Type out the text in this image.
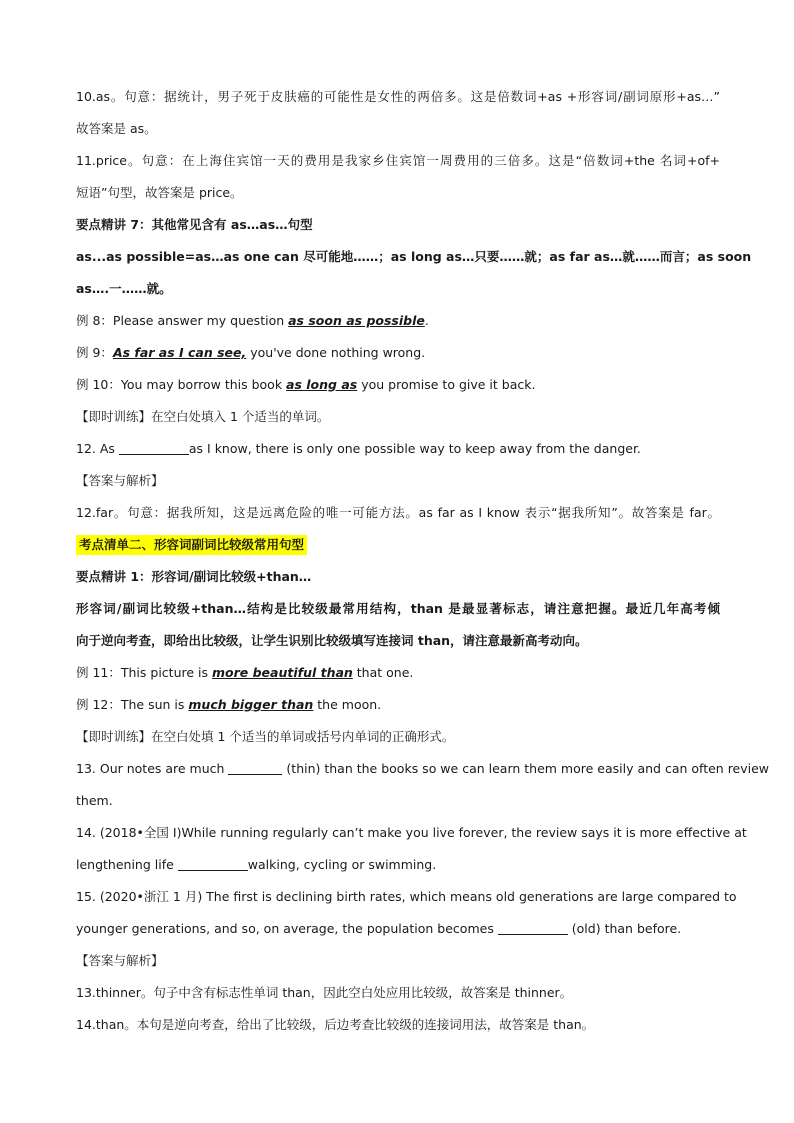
10.as。句意：据统计，男子死于皮肤癌的可能性是女性的两倍多。这是倍数词+as +形容词/副词原形+as…”
故答案是 as。
11.price。句意：在上海住宾馆一天的费用是我家乡住宾馆一周费用的三倍多。这是“倍数词+the 名词+of+
短语”句型，故答案是 price。
要点精讲 7：其他常见含有 as…as…句型
as...as possible=as…as one can 尽可能地……；as long as…只要……就；as far as…就……而言；as soon
as….一……就。
例 8：Please answer my question as soon as possible.
例 9：As far as I can see, you've done nothing wrong.
例 10：You may borrow this book as long as you promise to give it back.
【即时训练】在空白处填入 1 个适当的单词。
12. As	as I know, there is only one possible way to keep away from the danger.
【答案与解析】
12.far。句意：据我所知，这是远离危险的唯一可能方法。as far as I know 表示“据我所知”。故答案是 far。
考点清单二、形容词副词比较级常用句型
要点精讲 1：形容词/副词比较级+than…
形容词/副词比较级+than…结构是比较级最常用结构，than 是最显著标志，请注意把握。最近几年高考倾
向于逆向考查，即给出比较级，让学生识别比较级填写连接词 than，请注意最新高考动向。
例 11：This picture is more beautiful than that one.
例 12：The sun is much bigger than the moon.
【即时训练】在空白处填 1 个适当的单词或括号内单词的正确形式。
13. Our notes are much	(thin) than the books so we can learn them more easily and can often review
them.
14. (2018•全国 I)While running regularly can’t make you live forever, the review says it is more effective at
lengthening life	walking, cycling or swimming.
15. (2020•浙江 1 月) The first is declining birth rates, which means old generations are large compared to
younger generations, and so, on average, the population becomes	(old) than before.
【答案与解析】
13.thinner。句子中含有标志性单词 than，因此空白处应用比较级，故答案是 thinner。
14.than。本句是逆向考查，给出了比较级，后边考查比较级的连接词用法，故答案是 than。
